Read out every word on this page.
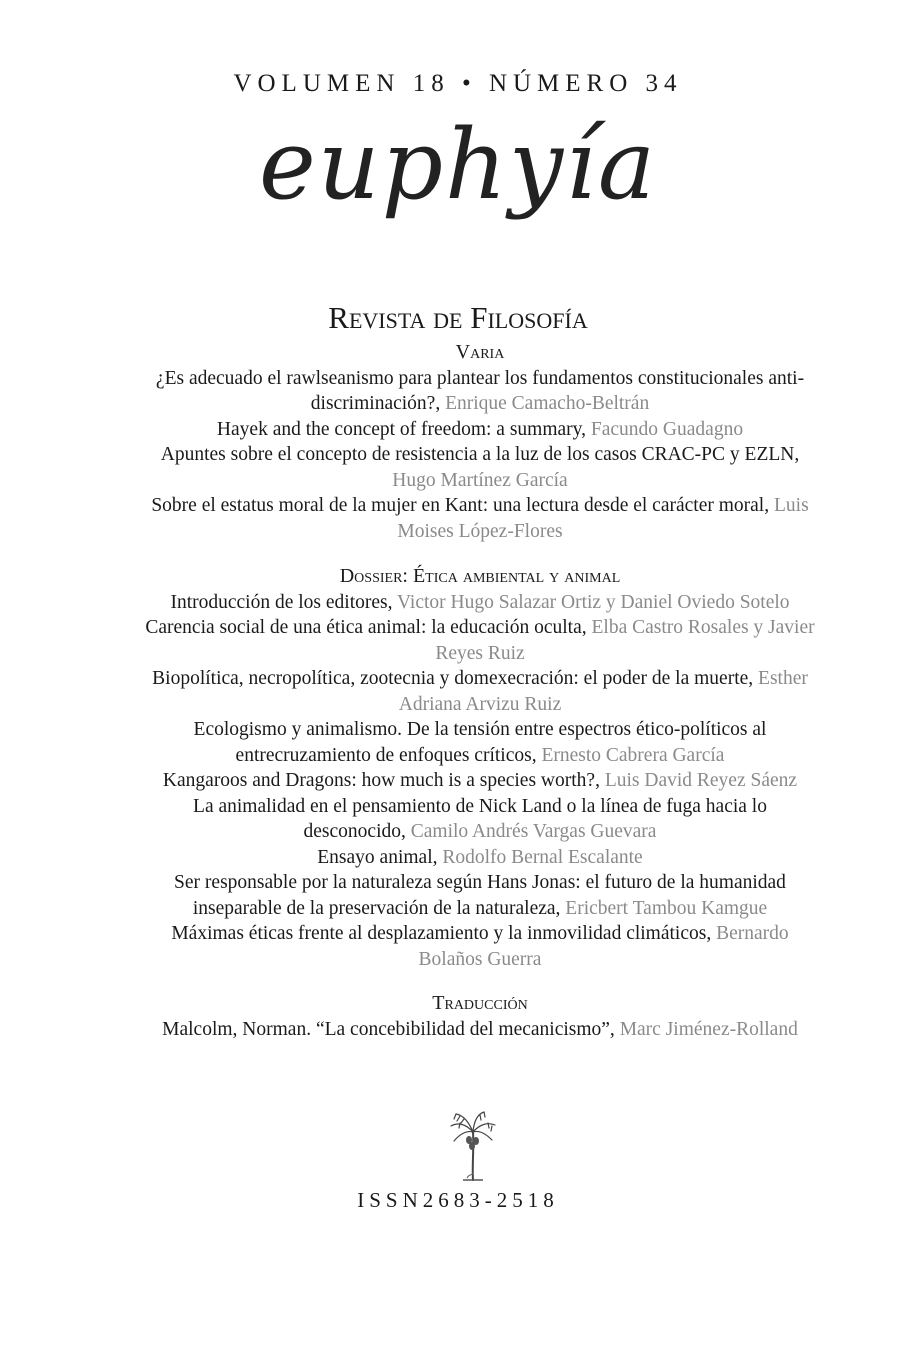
VOLUMEN 18 • NÚMERO 34
euphyía
Revista de Filosofía
Varia
¿Es adecuado el rawlseanismo para plantear los fundamentos constitucionales anti-discriminación?, Enrique Camacho-Beltrán
Hayek and the concept of freedom: a summary, Facundo Guadagno
Apuntes sobre el concepto de resistencia a la luz de los casos CRAC-PC y EZLN, Hugo Martínez García
Sobre el estatus moral de la mujer en Kant: una lectura desde el carácter moral, Luis Moises López-Flores
Dossier: Ética ambiental y animal
Introducción de los editores, Victor Hugo Salazar Ortiz y Daniel Oviedo Sotelo
Carencia social de una ética animal: la educación oculta, Elba Castro Rosales y Javier Reyes Ruiz
Biopolítica, necropolítica, zootecnia y domexecración: el poder de la muerte, Esther Adriana Arvizu Ruiz
Ecologismo y animalismo. De la tensión entre espectros ético-políticos al entrecruzamiento de enfoques críticos, Ernesto Cabrera García
Kangaroos and Dragons: how much is a species worth?, Luis David Reyez Sáenz
La animalidad en el pensamiento de Nick Land o la línea de fuga hacia lo desconocido, Camilo Andrés Vargas Guevara
Ensayo animal, Rodolfo Bernal Escalante
Ser responsable por la naturaleza según Hans Jonas: el futuro de la humanidad inseparable de la preservación de la naturaleza, Ericbert Tambou Kamgue
Máximas éticas frente al desplazamiento y la inmovilidad climáticos, Bernardo Bolaños Guerra
Traducción
Malcolm, Norman. “La concebibilidad del mecanicismo”, Marc Jiménez-Rolland
ISSN2683-2518
